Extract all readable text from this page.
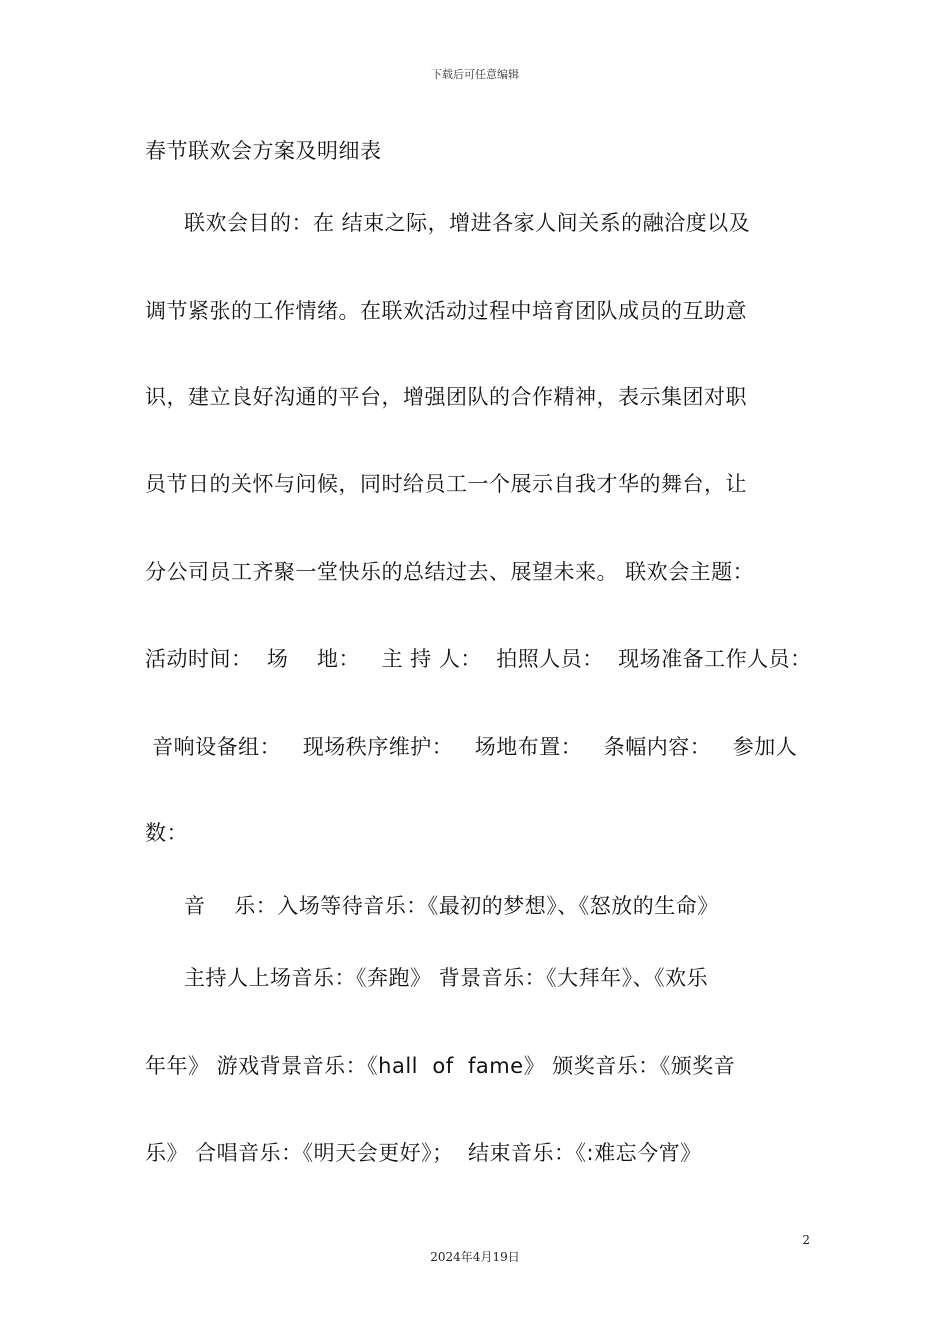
下载后可任意编辑
春节联欢会方案及明细表
联欢会目的：在 结束之际，增进各家人间关系的融洽度以及
调节紧张的工作情绪。在联欢活动过程中培育团队成员的互助意
识，建立良好沟通的平台，增强团队的合作精神，表示集团对职
员节日的关怀与问候，同时给员工一个展示自我才华的舞台，让
分公司员工齐聚一堂快乐的总结过去、展望未来。 联欢会主题：
活动时间：  场    地：   主 持 人：  拍照人员：  现场准备工作人员：
音响设备组：   现场秩序维护：   场地布置：   条幅内容：   参加人
数：
音    乐：入场等待音乐：《最初的梦想》、《怒放的生命》
主持人上场音乐：《奔跑》 背景音乐：《大拜年》、《欢乐
年年》 游戏背景音乐：《hall  of  fame》 颁奖音乐：《颁奖音
乐》 合唱音乐：《明天会更好》；  结束音乐：《:难忘今宵》
2
2024年4月19日
